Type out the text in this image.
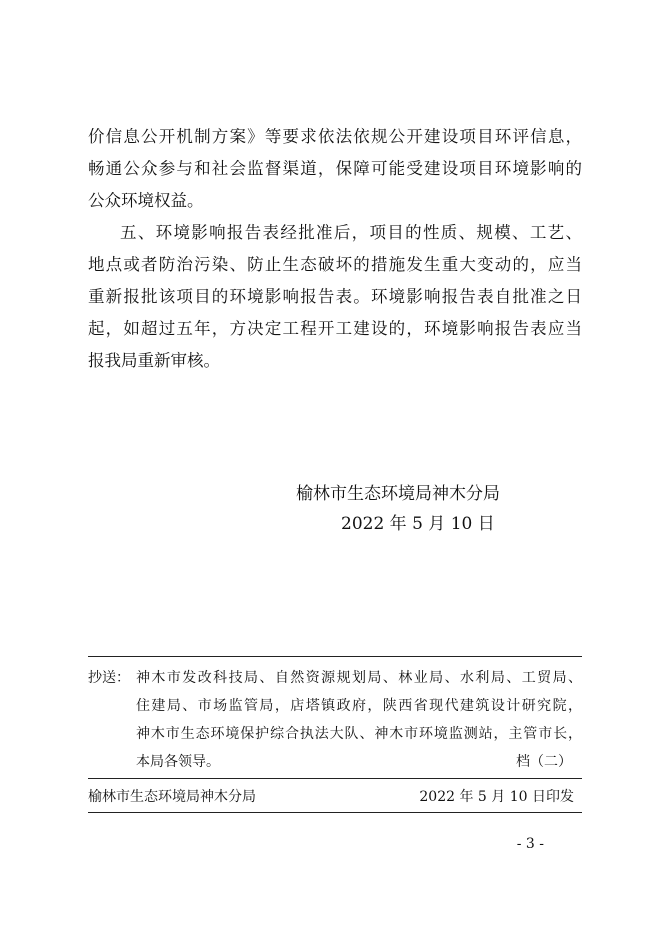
价信息公开机制方案》等要求依法依规公开建设项目环评信息，
畅通公众参与和社会监督渠道，保障可能受建设项目环境影响的
公众环境权益。
五、环境影响报告表经批准后，项目的性质、规模、工艺、
地点或者防治污染、防止生态破坏的措施发生重大变动的，应当
重新报批该项目的环境影响报告表。环境影响报告表自批准之日
起，如超过五年，方决定工程开工建设的，环境影响报告表应当
报我局重新审核。
榆林市生态环境局神木分局
2022 年 5 月 10 日
抄送： 神木市发改科技局、自然资源规划局、林业局、水利局、工贸局、
住建局、市场监管局，店塔镇政府，陕西省现代建筑设计研究院，
神木市生态环境保护综合执法大队、神木市环境监测站，主管市长，
本局各领导。	档（二）
榆林市生态环境局神木分局	2022 年 5 月 10 日印发
- 3 -
